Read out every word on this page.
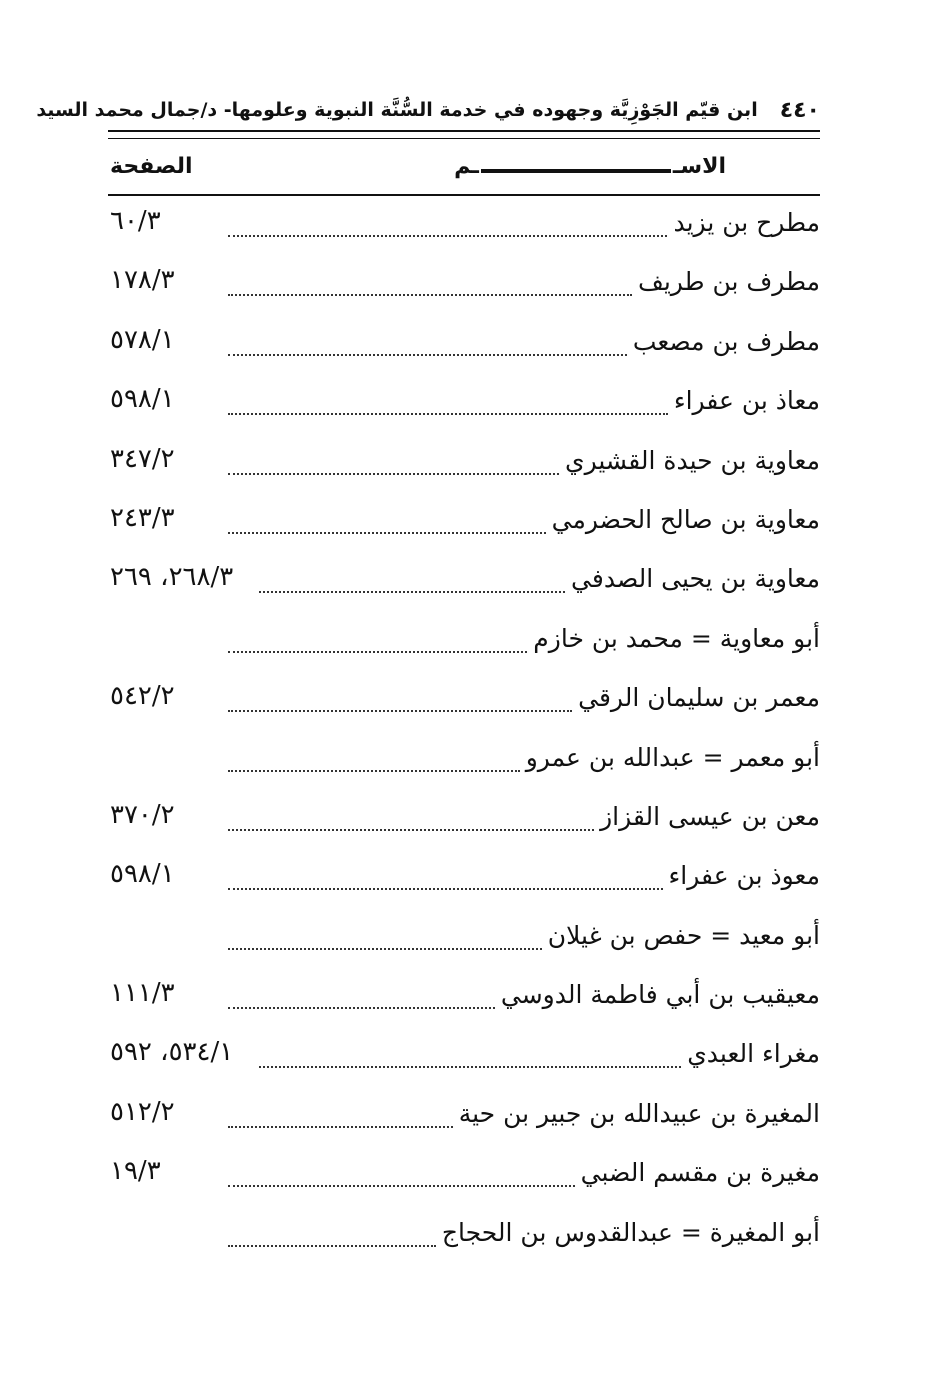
٤٤٠
ابن قيّم الجَوْزِيَّة وجهوده في خدمة السُّنَّة النبوية وعلومها- د/جمال محمد السيد
الاسـ
ـم
الصفحة
مطرح بن يزيد
٦٠/٣
مطرف بن طريف
١٧٨/٣
مطرف بن مصعب
٥٧٨/١
معاذ بن عفراء
٥٩٨/١
معاوية بن حيدة القشيري
٣٤٧/٢
معاوية بن صالح الحضرمي
٢٤٣/٣
معاوية بن يحيى الصدفي
٢٦٨/٣، ٢٦٩
أبو معاوية = محمد بن خازم
معمر بن سليمان الرقي
٥٤٢/٢
أبو معمر = عبدالله بن عمرو
معن بن عيسى القزاز
٣٧٠/٢
معوذ بن عفراء
٥٩٨/١
أبو معيد = حفص بن غيلان
معيقيب بن أبي فاطمة الدوسي
١١١/٣
مغراء العبدي
٥٣٤/١، ٥٩٢
المغيرة بن عبيدالله بن جبير بن حية
٥١٢/٢
مغيرة بن مقسم الضبي
١٩/٣
أبو المغيرة = عبدالقدوس بن الحجاج
